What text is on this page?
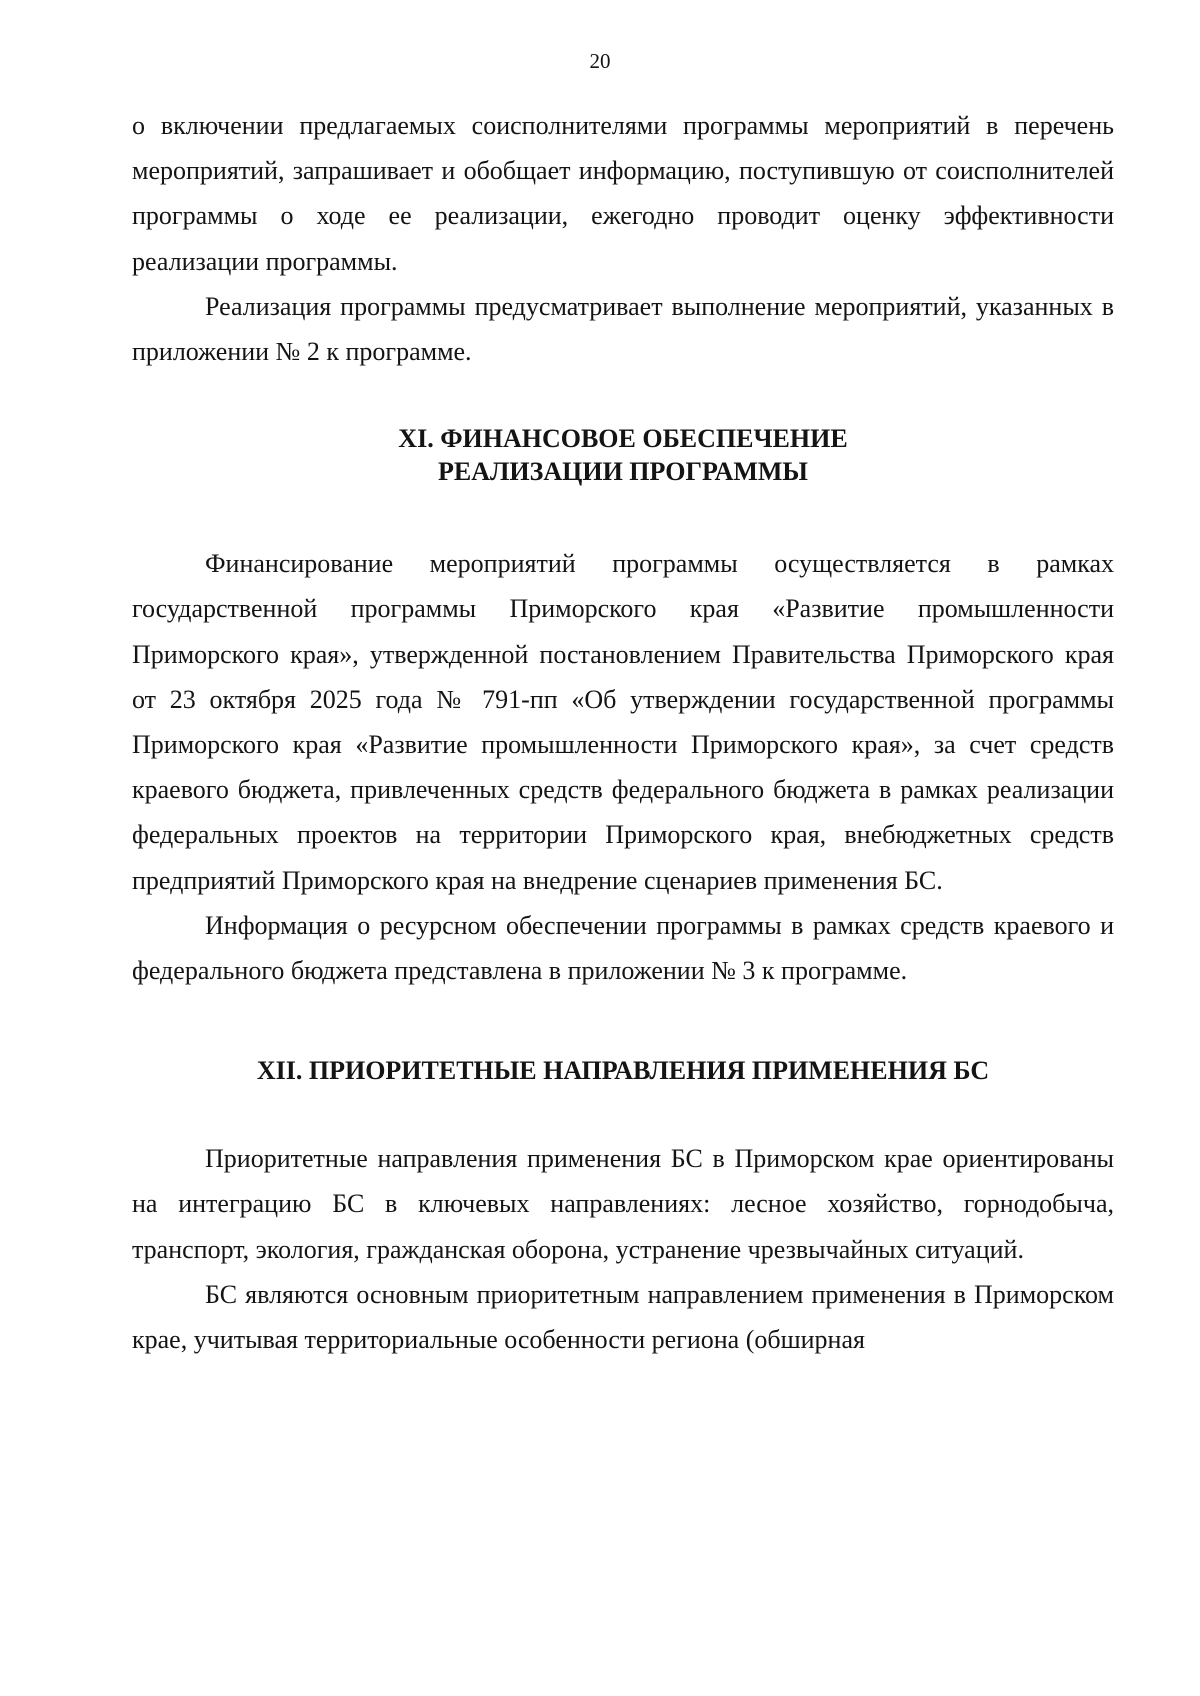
20

о включении предлагаемых соисполнителями программы мероприятий в перечень мероприятий, запрашивает и обобщает информацию, поступившую от соисполнителей программы о ходе ее реализации, ежегодно проводит оценку эффективности реализации программы.

Реализация программы предусматривает выполнение мероприятий, указанных в приложении № 2 к программе.

XI. ФИНАНСОВОЕ ОБЕСПЕЧЕНИЕ
РЕАЛИЗАЦИИ ПРОГРАММЫ

Финансирование мероприятий программы осуществляется в рамках государственной программы Приморского края «Развитие промышленности Приморского края», утвержденной постановлением Правительства Приморского края от 23 октября 2025 года № 791-пп «Об утверждении государственной программы Приморского края «Развитие промышленности Приморского края», за счет средств краевого бюджета, привлеченных средств федерального бюджета в рамках реализации федеральных проектов на территории Приморского края, внебюджетных средств предприятий Приморского края на внедрение сценариев применения БС.

Информация о ресурсном обеспечении программы в рамках средств краевого и федерального бюджета представлена в приложении № 3 к программе.

XII. ПРИОРИТЕТНЫЕ НАПРАВЛЕНИЯ ПРИМЕНЕНИЯ БС

Приоритетные направления применения БС в Приморском крае ориентированы на интеграцию БС в ключевых направлениях: лесное хозяйство, горнодобыча, транспорт, экология, гражданская оборона, устранение чрезвычайных ситуаций.

БС являются основным приоритетным направлением применения в Приморском крае, учитывая территориальные особенности региона (обширная
